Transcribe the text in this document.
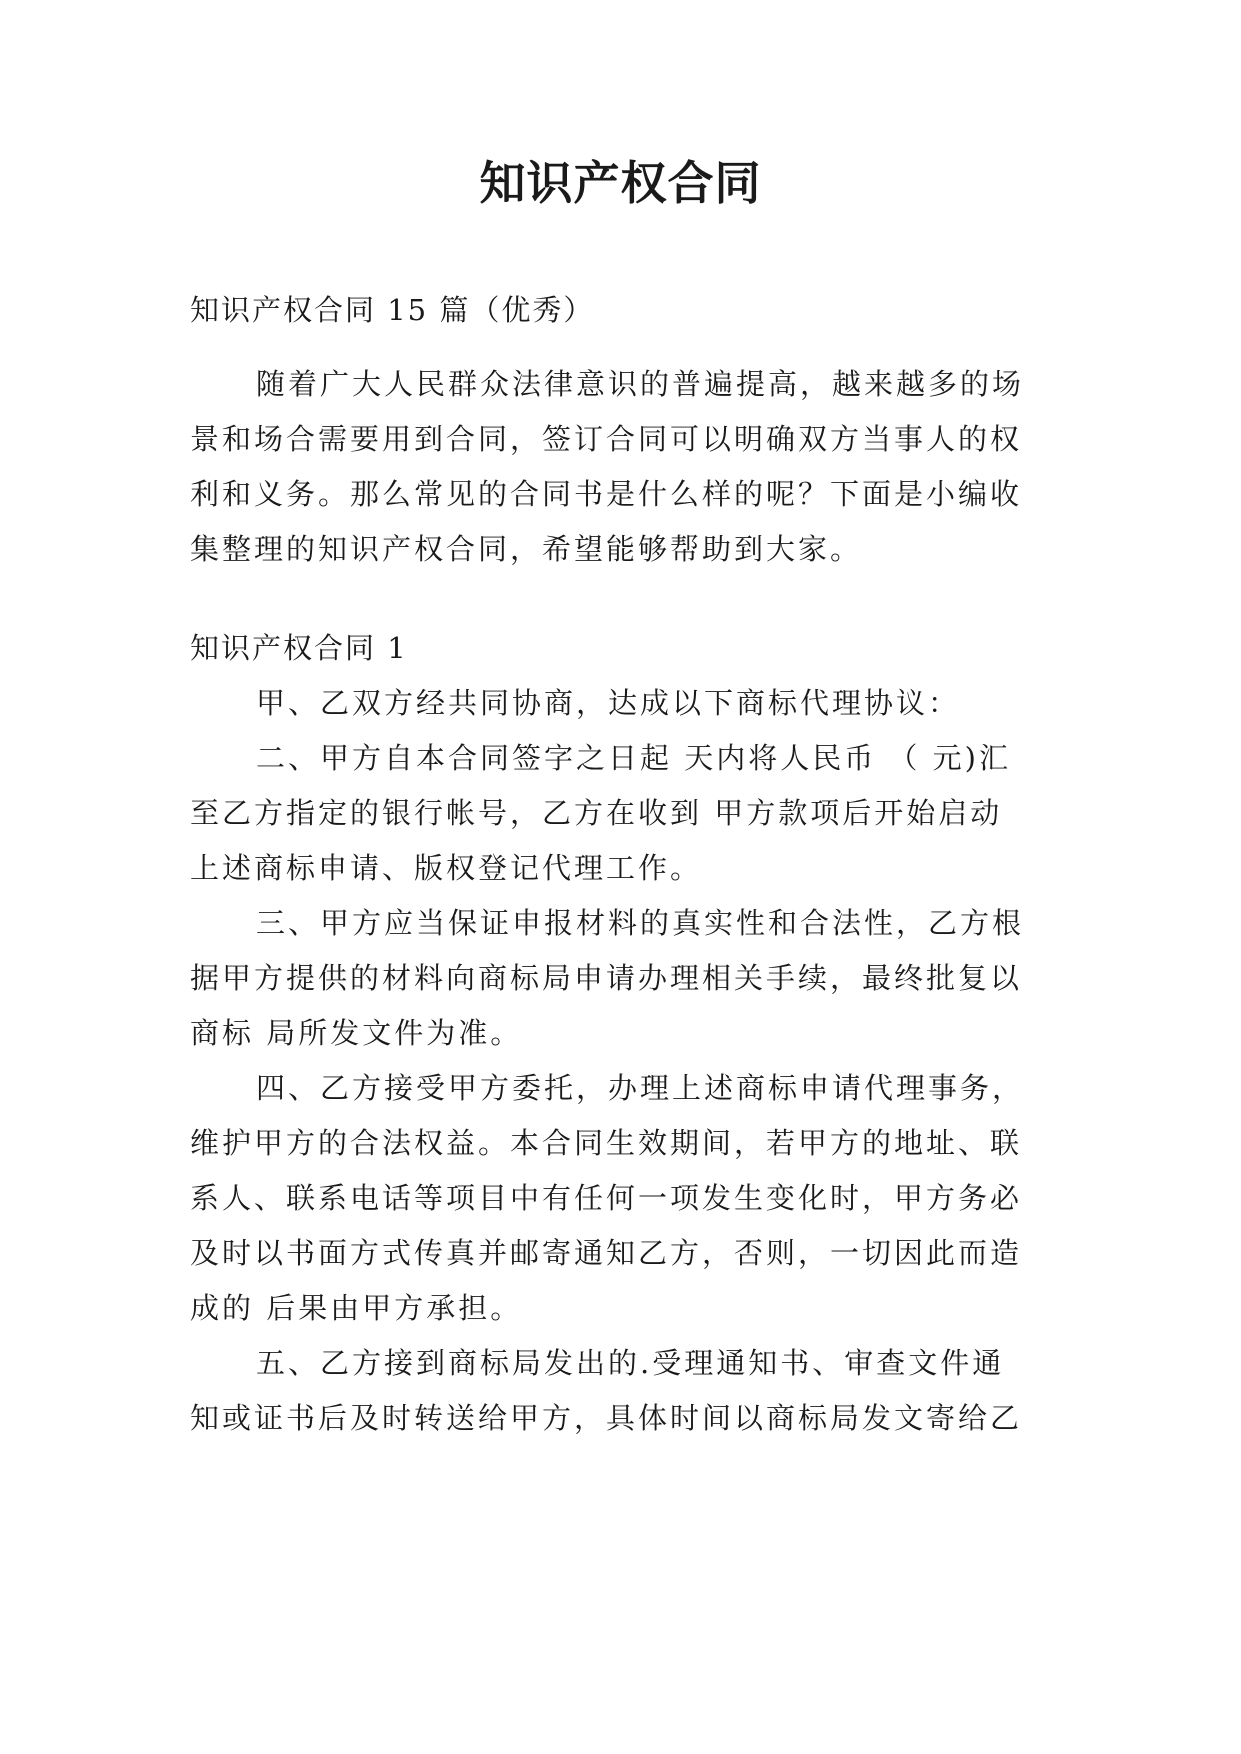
知识产权合同
知识产权合同 15 篇（优秀）
随着广大人民群众法律意识的普遍提高，越来越多的场
景和场合需要用到合同，签订合同可以明确双方当事人的权
利和义务。那么常见的合同书是什么样的呢？下面是小编收
集整理的知识产权合同，希望能够帮助到大家。
知识产权合同 1
甲、乙双方经共同协商，达成以下商标代理协议：
二、甲方自本合同签字之日起 天内将人民币 （ 元)汇
至乙方指定的银行帐号，乙方在收到 甲方款项后开始启动
上述商标申请、版权登记代理工作。
三、甲方应当保证申报材料的真实性和合法性，乙方根
据甲方提供的材料向商标局申请办理相关手续，最终批复以
商标 局所发文件为准。
四、乙方接受甲方委托，办理上述商标申请代理事务，
维护甲方的合法权益。本合同生效期间，若甲方的地址、联
系人、联系电话等项目中有任何一项发生变化时，甲方务必
及时以书面方式传真并邮寄通知乙方，否则，一切因此而造
成的 后果由甲方承担。
五、乙方接到商标局发出的.受理通知书、审查文件通
知或证书后及时转送给甲方，具体时间以商标局发文寄给乙
